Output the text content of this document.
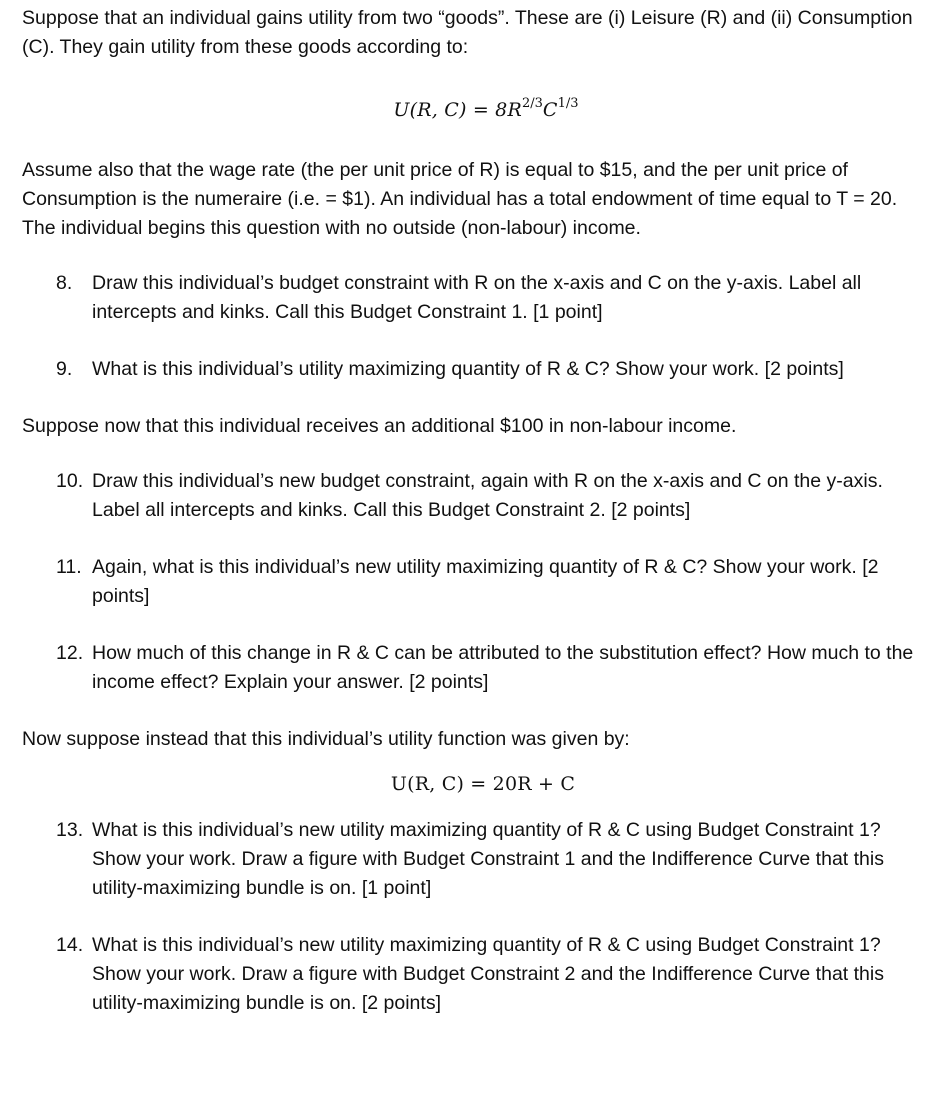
Suppose that an individual gains utility from two “goods”. These are (i) Leisure (R) and (ii) Consumption (C). They gain utility from these goods according to:

U(R, $C) = 8R^{2/3}C^{1/3}$

Assume also that the wage rate (the per unit price of R) is equal to $15, and the per unit price of Consumption is the numeraire (i.e. = $1). An individual has a total endowment of time equal to T = 20. The individual begins this question with no outside (non-labour) income.

8. Draw this individual’s budget constraint with R on the x-axis and C on the y-axis. Label all intercepts and kinks. Call this Budget Constraint 1. [1 point]
9. What is this individual’s utility maximizing quantity of R & C? Show your work. [2 points]

Suppose now that this individual receives an additional $100 in non-labour income.

10. Draw this individual’s new budget constraint, again with R on the x-axis and C on the y-axis. Label all intercepts and kinks. Call this Budget Constraint 2. [2 points]
11. Again, what is this individual’s new utility maximizing quantity of R & C? Show your work. [2 points]
12. How much of this change in R & C can be attributed to the substitution effect? How much to the income effect? Explain your answer. [2 points]

Now suppose instead that this individual’s utility function was given by:

U(R, C) = 20R + C
13. What is this individual’s new utility maximizing quantity of R & C using Budget Constraint 1? Show your work. Draw a figure with Budget Constraint 1 and the Indifference Curve that this utility-maximizing bundle is on. [1 point]
14. What is this individual’s new utility maximizing quantity of R & C using Budget Constraint 1? Show your work. Draw a figure with Budget Constraint 2 and the Indifference Curve that this utility-maximizing bundle is on. [2 points]
